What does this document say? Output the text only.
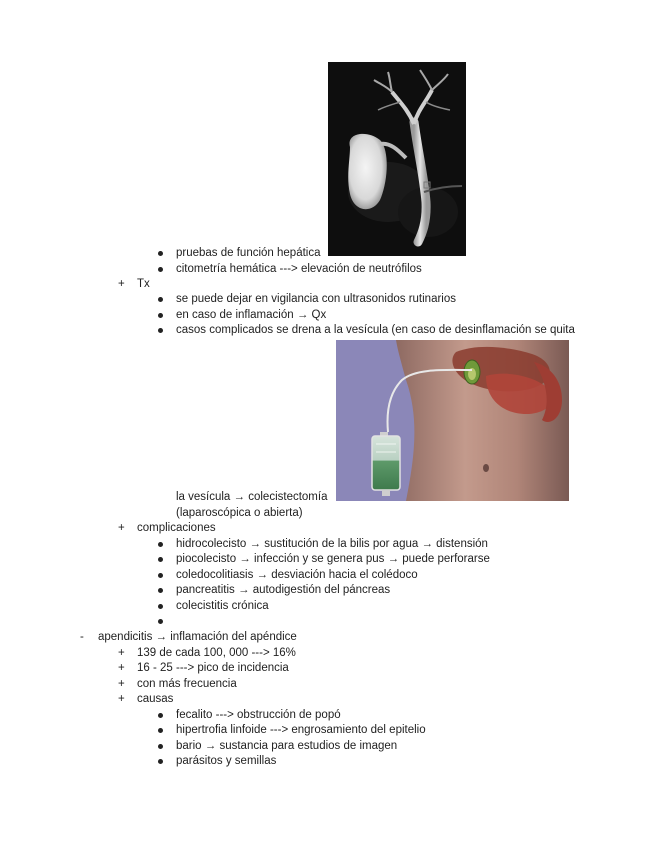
pruebas de función hepática
citometría hemática ---> elevación de neutrófilos
+ Tx
se puede dejar en vigilancia con ultrasonidos rutinarios
en caso de inflamación → Qx
casos complicados se drena a la vesícula (en caso de desinflamación se quita
la vesícula → colecistectomía
(laparoscópica o abierta)
+ complicaciones
hidrocolecisto → sustitución de la bilis por agua → distensión
piocolecisto → infección y se genera pus → puede perforarse
coledocolitiasis → desviación hacia el colédoco
pancreatitis → autodigestión del páncreas
colecistitis crónica
- apendicitis → inflamación del apéndice
+ 139 de cada 100, 000 ---> 16%
+ 16 - 25 ---> pico de incidencia
+ con más frecuencia
+ causas
fecalito ---> obstrucción de popó
hipertrofia linfoide ---> engrosamiento del epitelio
bario → sustancia para estudios de imagen
parásitos y semillas
